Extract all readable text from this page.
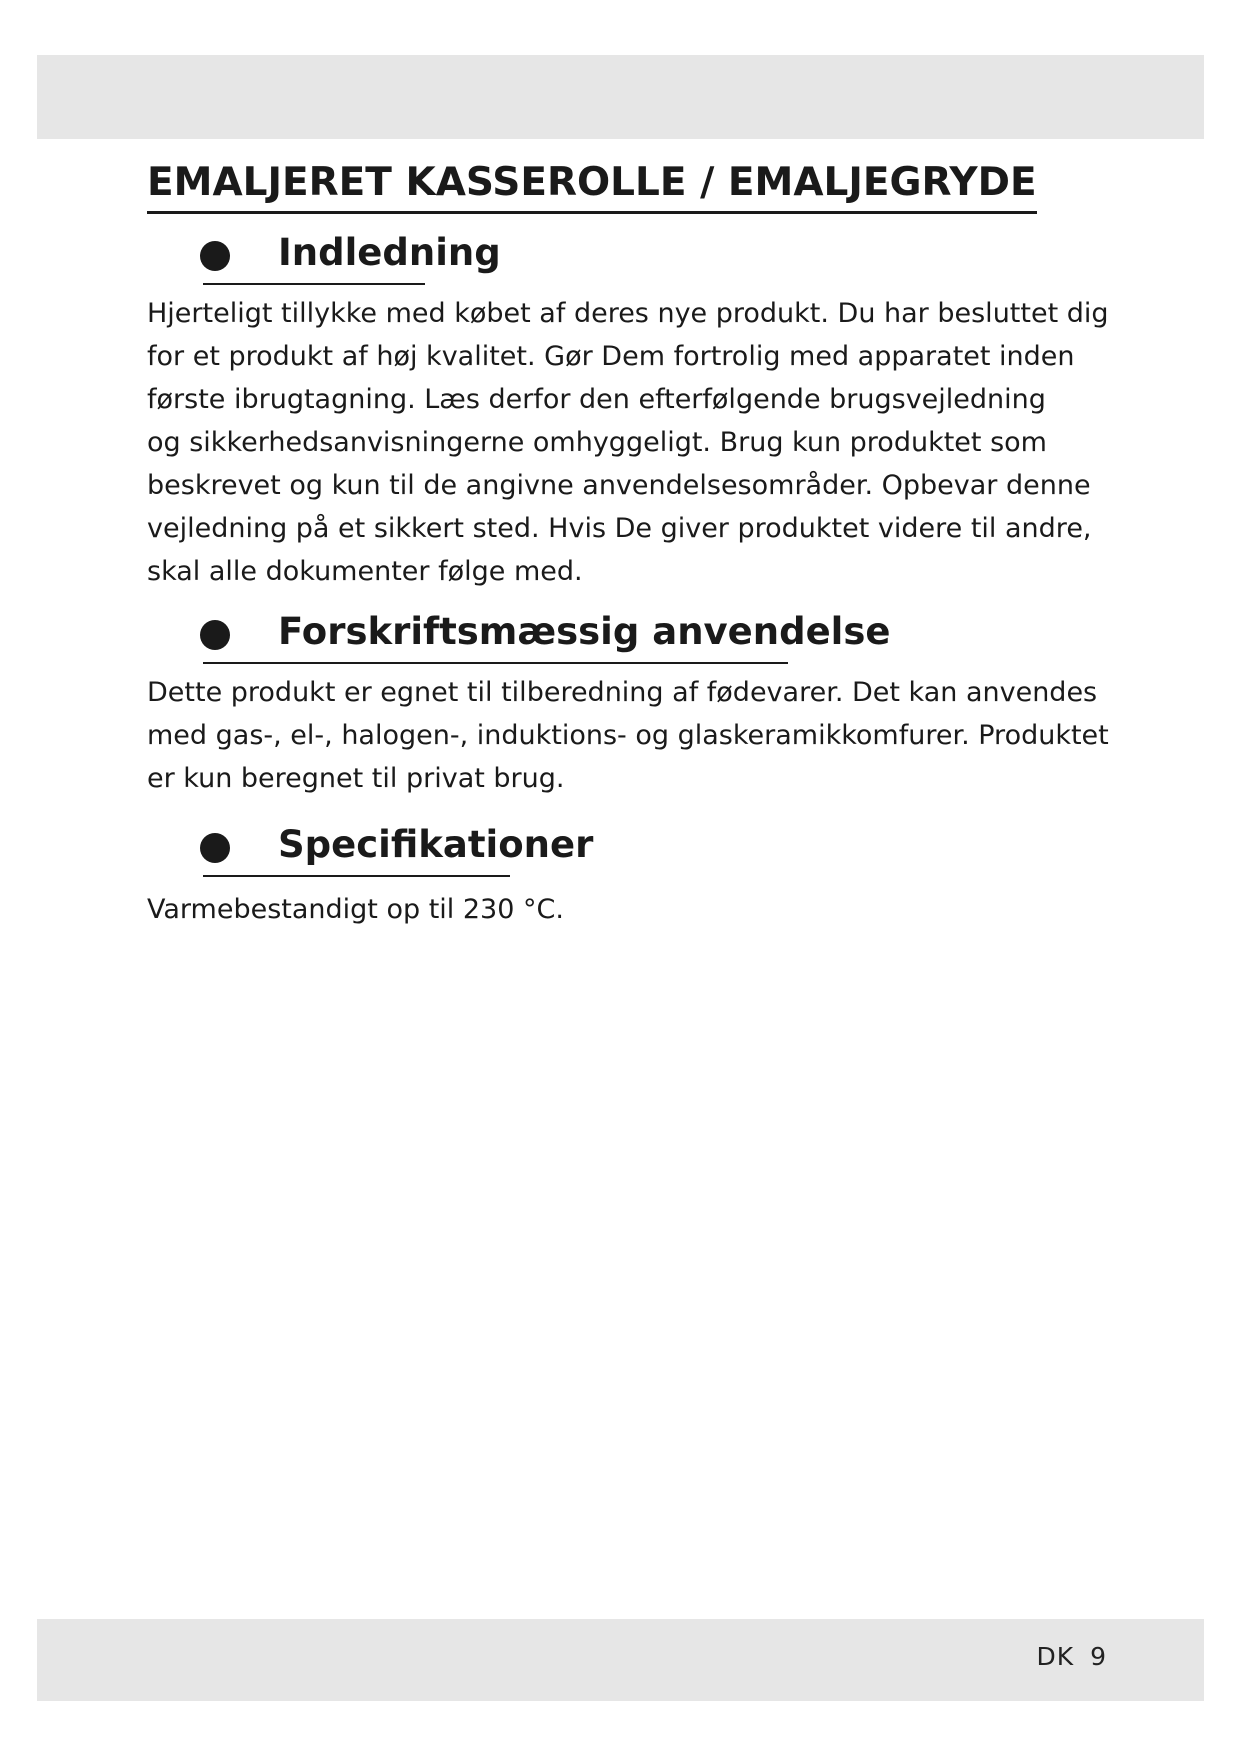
EMALJERET KASSEROLLE / EMALJEGRYDE
Indledning

Hjerteligt tillykke med købet af deres nye produkt. Du har besluttet dig
for et produkt af høj kvalitet. Gør Dem fortrolig med apparatet inden
første ibrugtagning. Læs derfor den efterfølgende brugsvejledning
og sikkerhedsanvisningerne omhyggeligt. Brug kun produktet som
beskrevet og kun til de angivne anvendelsesområder. Opbevar denne
vejledning på et sikkert sted. Hvis De giver produktet videre til andre,
skal alle dokumenter følge med.

Forskriftsmæssig anvendelse

Dette produkt er egnet til tilberedning af fødevarer. Det kan anvendes
med gas-, el-, halogen-, induktions- og glaskeramikkomfurer. Produktet
er kun beregnet til privat brug.

Specifikationer

Varmebestandigt op til 230 °C.

DK 9
